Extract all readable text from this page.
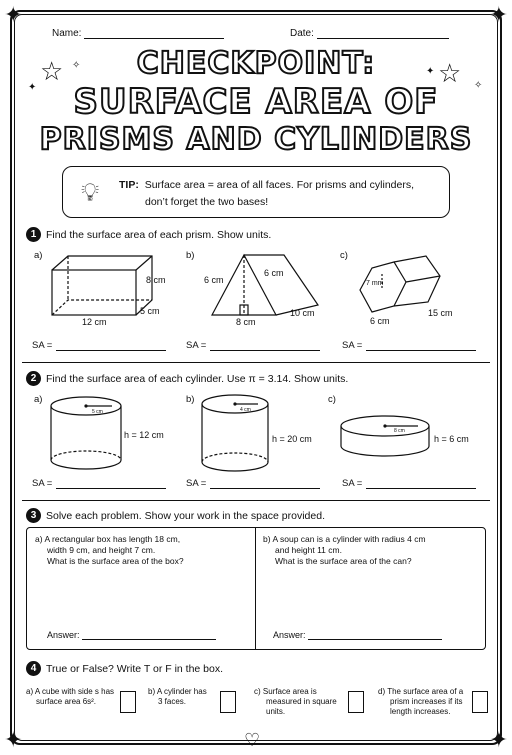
✦	✦
✦	✦
♡
Name:	Date:
CHECKPOINT:
SURFACE AREA OF
PRISMS AND CYLINDERS
☆	☆
✦
✧
✦
✧
💡︎ TIP: Surface area = area of all faces. For prisms and cylinders,
don’t forget the two bases!
1 Find the surface area of each prism. Show units.
a)	b)	c)
12 cm
8 cm
5 cm
6 cm
6 cm
8 cm
10 cm
7 mm
6 cm
15 cm
SA =	SA =	SA =
2 Find the surface area of each cylinder. Use π = 3.14. Show units.
a)	b)	c)
5 cm
h = 12 cm
4 cm
h = 20 cm
8 cm
h = 6 cm
SA =	SA =	SA =
3 Solve each problem. Show your work in the space provided.
a) A rectangular box has length 18 cm,
width 9 cm, and height 7 cm.
What is the surface area of the box?
b) A soup can is a cylinder with radius 4 cm
and height 11 cm.
What is the surface area of the can?
Answer:	Answer:
4 True or False? Write T or F in the box.
a) A cube with side s has
surface area 6s².
b) A cylinder has
3 faces.
c) Surface area is
measured in square
units.
d) The surface area of a
prism increases if its
length increases.
